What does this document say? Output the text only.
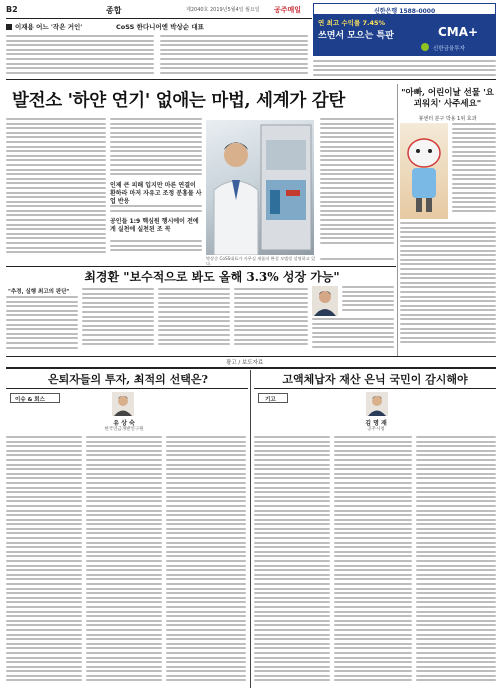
B2	종합	제2040호 2019년5월4일 월요일 공주매일	신한은행 1588-0000
연 최고 수익률 7.45%
쓰면서 모으는 특판	CMA+
신한금융투자
이재용 어느 '작은 거인'	CoSS 한다니어엔 박상순 대표
발전소 '하얀 연기' 없애는 마법, 세계가 감탄
인제 큰 피해 입지만 마른 연결이 환하라 마저 자유고 조정 분홍물 사업 반응
공인들 1:9 핵심원 행시에이 전에게 실천에 실천된 조 꼭
박상순 CoSS대표가 사무실 제품의 완성 모델링 설명하고 있다.
"아빠, 어린이날 선물 '요괴워치' 사주세요"
봉센터 분구 박용 1위 효과
최경환 "보수적으로 봐도 올해 3.3% 성장 가능"
"추경, 실행 최고의 판단"
광고 / 보도자료
은퇴자들의 투자, 최적의 선택은?
이슈 & 회스
유 상 숙
한국연금개발연구원
고액체납자 재산 은닉 국민이 감시해야
기고
김 명 재
공주시청
